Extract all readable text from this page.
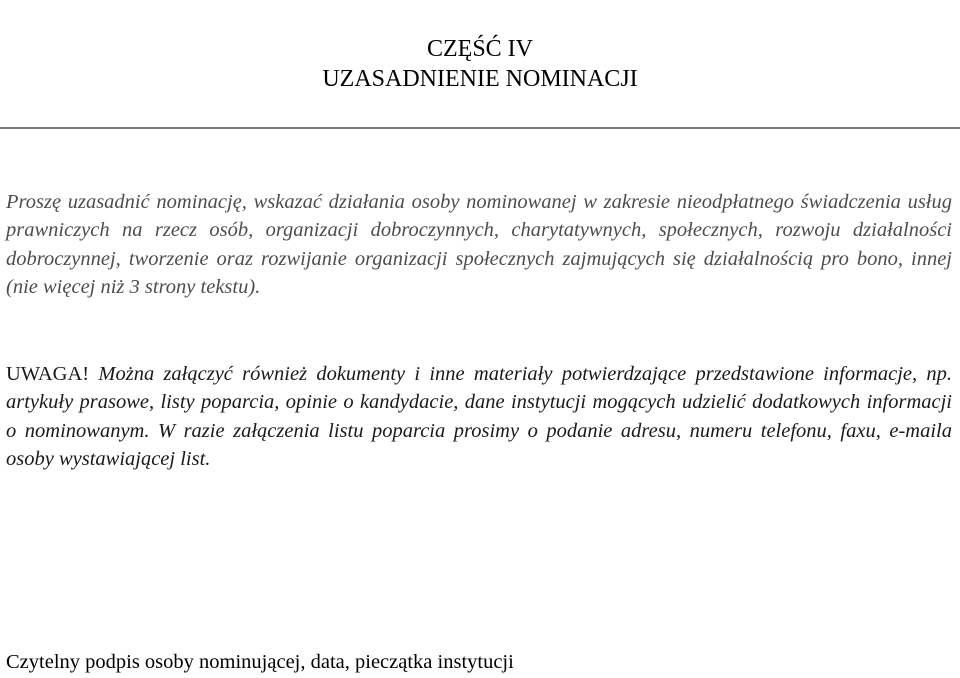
CZĘŚĆ IV
UZASADNIENIE NOMINACJI

Proszę uzasadnić nominację, wskazać działania osoby nominowanej w zakresie nieodpłatnego świadczenia usług prawniczych na rzecz osób, organizacji dobroczynnych, charytatywnych, społecznych, rozwoju działalności dobroczynnej, tworzenie oraz rozwijanie organizacji społecznych zajmujących się działalnością pro bono, innej (nie więcej niż 3 strony tekstu).

UWAGA! Można załączyć również dokumenty i inne materiały potwierdzające przedstawione informacje, np. artykuły prasowe, listy poparcia, opinie o kandydacie, dane instytucji mogących udzielić dodatkowych informacji o nominowanym. W razie załączenia listu poparcia prosimy o podanie adresu, numeru telefonu, faxu, e-maila osoby wystawiającej list.

Czytelny podpis osoby nominującej, data, pieczątka instytucji
